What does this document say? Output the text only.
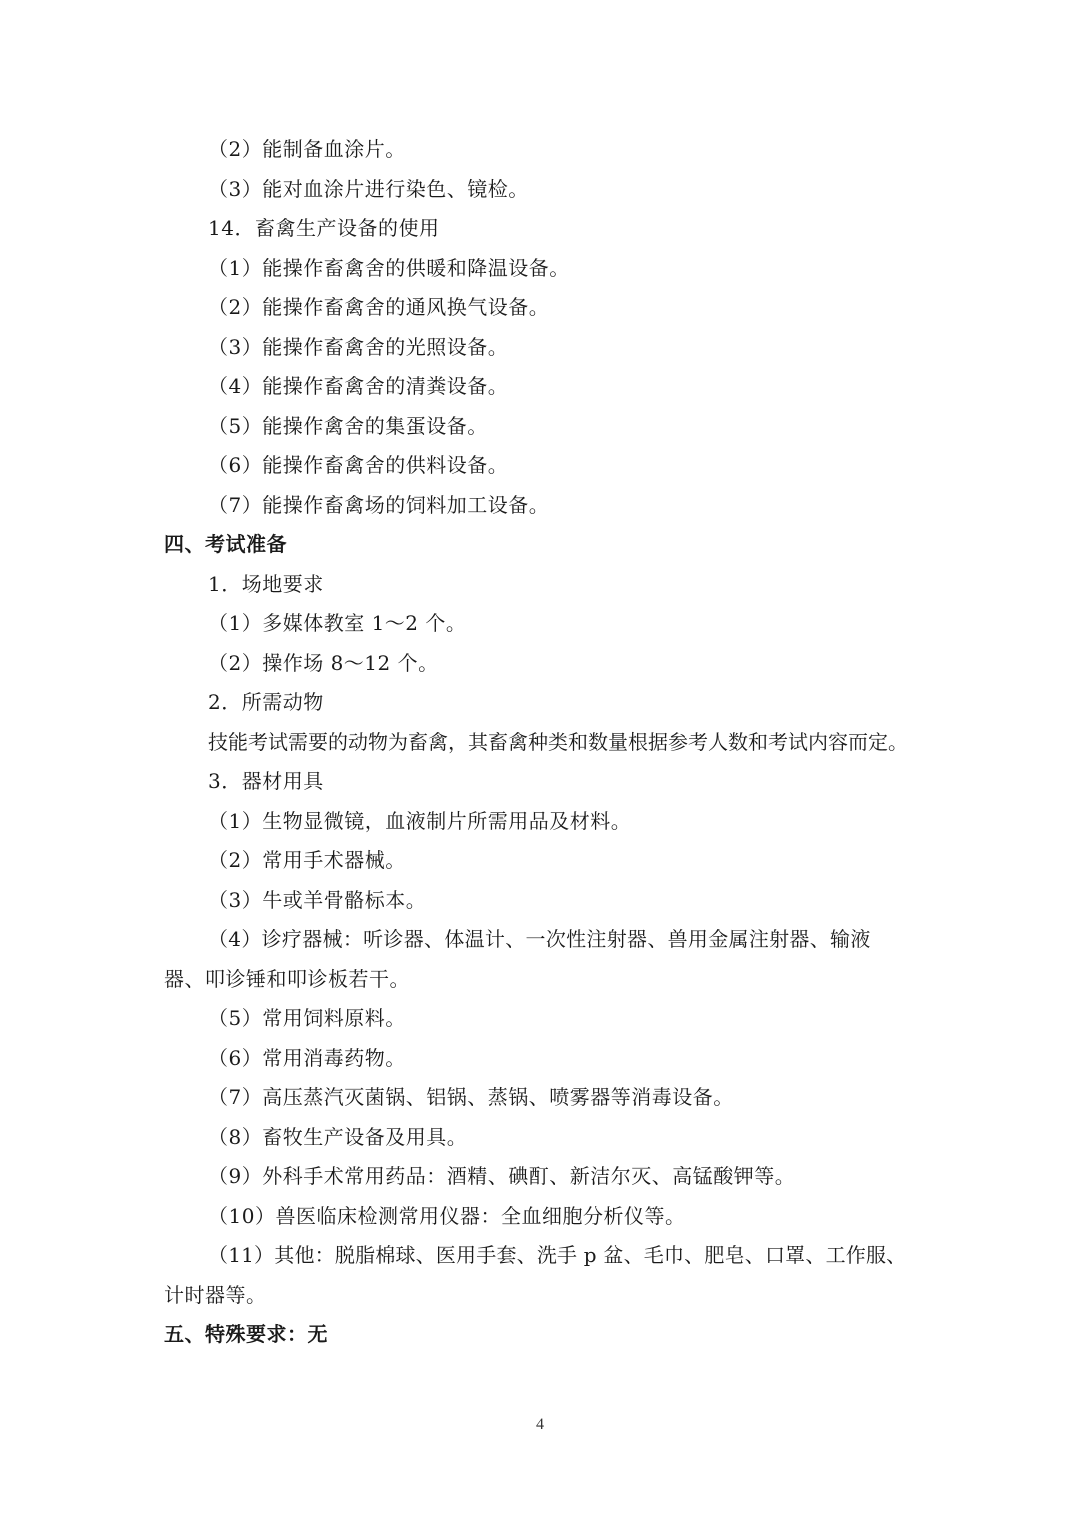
（2）能制备血涂片。
（3）能对血涂片进行染色、镜检。
14．畜禽生产设备的使用
（1）能操作畜禽舍的供暖和降温设备。
（2）能操作畜禽舍的通风换气设备。
（3）能操作畜禽舍的光照设备。
（4）能操作畜禽舍的清粪设备。
（5）能操作禽舍的集蛋设备。
（6）能操作畜禽舍的供料设备。
（7）能操作畜禽场的饲料加工设备。
四、考试准备
1．场地要求
（1）多媒体教室 1～2 个。
（2）操作场 8～12 个。
2．所需动物
技能考试需要的动物为畜禽，其畜禽种类和数量根据参考人数和考试内容而定。
3．器材用具
（1）生物显微镜，血液制片所需用品及材料。
（2）常用手术器械。
（3）牛或羊骨骼标本。
（4）诊疗器械：听诊器、体温计、一次性注射器、兽用金属注射器、输液
器、叩诊锤和叩诊板若干。
（5）常用饲料原料。
（6）常用消毒药物。
（7）高压蒸汽灭菌锅、铝锅、蒸锅、喷雾器等消毒设备。
（8）畜牧生产设备及用具。
（9）外科手术常用药品：酒精、碘酊、新洁尔灭、高锰酸钾等。
（10）兽医临床检测常用仪器：全血细胞分析仪等。
（11）其他：脱脂棉球、医用手套、洗手 p 盆、毛巾、肥皂、口罩、工作服、
计时器等。
五、特殊要求：无
4
